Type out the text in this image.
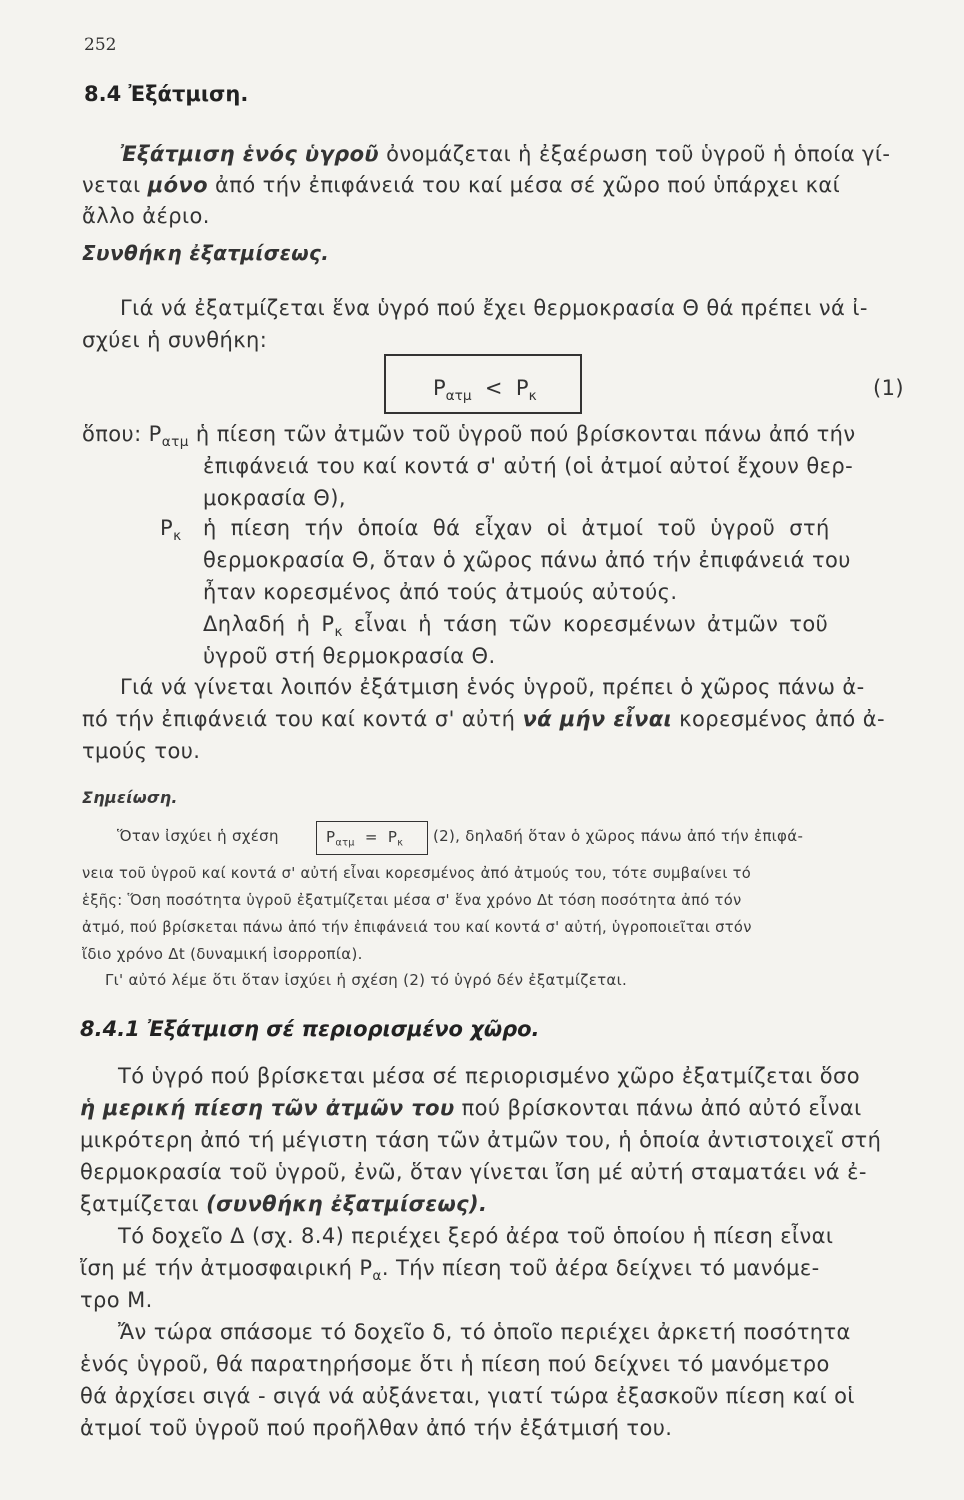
252
8.4 Ἐξάτμιση.
Ἐξάτμιση ἑνός ὑγροῦ ὀνομάζεται ἡ ἐξαέρωση τοῦ ὑγροῦ ἡ ὁποία γί-
νεται μόνο ἀπό τήν ἐπιφάνειά του καί μέσα σέ χῶρο πού ὑπάρχει καί
ἄλλο ἀέριο.
Συνθήκη ἐξατμίσεως.
Γιά νά ἐξατμίζεται ἕνα ὑγρό πού ἔχει θερμοκρασία Θ θά πρέπει νά ἰ-
σχύει ἡ συνθήκη:
$P_{\alpha\tau\mu} < P_\kappa$	(1)
ὅπου: $P_{\alpha\tau\mu}$ ἡ πίεση τῶν ἀτμῶν τοῦ ὑγροῦ πού βρίσκονται πάνω ἀπό τήν
ἐπιφάνειά του καί κοντά σ' αὐτή (οἱ ἀτμοί αὐτοί ἔχουν θερ-
μοκρασία Θ),
$P_\kappa$ ἡ πίεση τήν ὁποία θά εἶχαν οἱ ἀτμοί τοῦ ὑγροῦ στή
θερμοκρασία Θ, ὅταν ὁ χῶρος πάνω ἀπό τήν ἐπιφάνειά του
ἦταν κορεσμένος ἀπό τούς ἀτμούς αὐτούς.
Δηλαδή ἡ $P_\kappa$ εἶναι ἡ τάση τῶν κορεσμένων ἀτμῶν τοῦ
ὑγροῦ στή θερμοκρασία Θ.
Γιά νά γίνεται λοιπόν ἐξάτμιση ἑνός ὑγροῦ, πρέπει ὁ χῶρος πάνω ἀ-
πό τήν ἐπιφάνειά του καί κοντά σ' αὐτή νά μήν εἶναι κορεσμένος ἀπό ἀ-
τμούς του.
Σημείωση.
Ὅταν ἰσχύει ἡ σχέση	$P_{\alpha\tau\mu} = P_\kappa$ (2), δηλαδή ὅταν ὁ χῶρος πάνω ἀπό τήν ἐπιφά-
νεια τοῦ ὑγροῦ καί κοντά σ' αὐτή εἶναι κορεσμένος ἀπό ἀτμούς του, τότε συμβαίνει τό
ἑξῆς: Ὅση ποσότητα ὑγροῦ ἐξατμίζεται μέσα σ' ἕνα χρόνο Δt τόση ποσότητα ἀπό τόν
ἀτμό, πού βρίσκεται πάνω ἀπό τήν ἐπιφάνειά του καί κοντά σ' αὐτή, ὑγροποιεῖται στόν
ἴδιο χρόνο Δt (δυναμική ἰσορροπία).
Γι' αὐτό λέμε ὅτι ὅταν ἰσχύει ἡ σχέση (2) τό ὑγρό δέν ἐξατμίζεται.
8.4.1 Ἐξάτμιση σέ περιορισμένο χῶρο.
Τό ὑγρό πού βρίσκεται μέσα σέ περιορισμένο χῶρο ἐξατμίζεται ὅσο
ἡ μερική πίεση τῶν ἀτμῶν του πού βρίσκονται πάνω ἀπό αὐτό εἶναι
μικρότερη ἀπό τή μέγιστη τάση τῶν ἀτμῶν του, ἡ ὁποία ἀντιστοιχεῖ στή
θερμοκρασία τοῦ ὑγροῦ, ἐνῶ, ὅταν γίνεται ἴση μέ αὐτή σταματάει νά ἐ-
ξατμίζεται (συνθήκη ἐξατμίσεως).
Τό δοχεῖο Δ (σχ. 8.4) περιέχει ξερό ἀέρα τοῦ ὁποίου ἡ πίεση εἶναι
ἴση μέ τήν ἀτμοσφαιρική $P_\alpha$. Τήν πίεση τοῦ ἀέρα δείχνει τό μανόμε-
τρο Μ.
Ἄν τώρα σπάσομε τό δοχεῖο δ, τό ὁποῖο περιέχει ἀρκετή ποσότητα
ἑνός ὑγροῦ, θά παρατηρήσομε ὅτι ἡ πίεση πού δείχνει τό μανόμετρο
θά ἀρχίσει σιγά - σιγά νά αὐξάνεται, γιατί τώρα ἐξασκοῦν πίεση καί οἱ
ἀτμοί τοῦ ὑγροῦ πού προῆλθαν ἀπό τήν ἐξάτμισή του.
